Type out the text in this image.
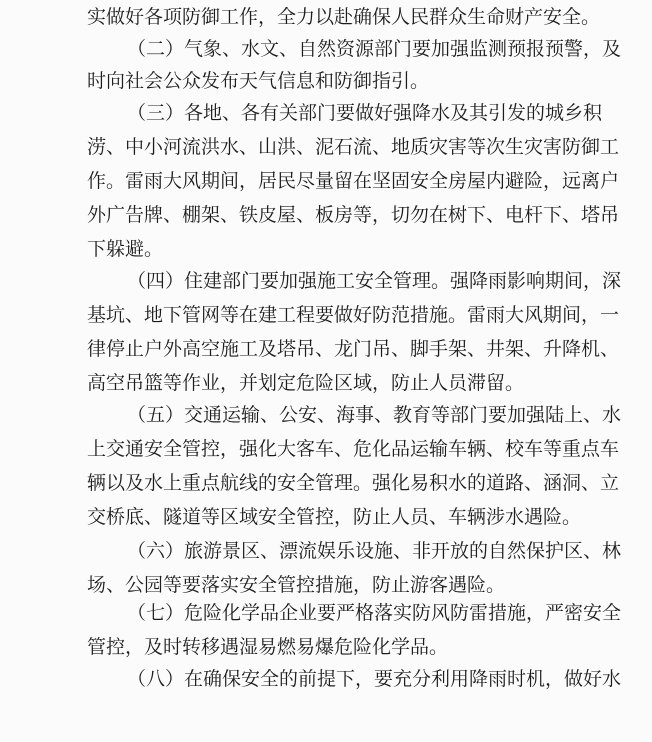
实做好各项防御工作，全力以赴确保人民群众生命财产安全。
（二）气象、水文、自然资源部门要加强监测预报预警，及
时向社会公众发布天气信息和防御指引。
（三）各地、各有关部门要做好强降水及其引发的城乡积
涝、中小河流洪水、山洪、泥石流、地质灾害等次生灾害防御工
作。雷雨大风期间，居民尽量留在坚固安全房屋内避险，远离户
外广告牌、棚架、铁皮屋、板房等，切勿在树下、电杆下、塔吊
下躲避。
（四）住建部门要加强施工安全管理。强降雨影响期间，深
基坑、地下管网等在建工程要做好防范措施。雷雨大风期间，一
律停止户外高空施工及塔吊、龙门吊、脚手架、井架、升降机、
高空吊篮等作业，并划定危险区域，防止人员滞留。
（五）交通运输、公安、海事、教育等部门要加强陆上、水
上交通安全管控，强化大客车、危化品运输车辆、校车等重点车
辆以及水上重点航线的安全管理。强化易积水的道路、涵洞、立
交桥底、隧道等区域安全管控，防止人员、车辆涉水遇险。
（六）旅游景区、漂流娱乐设施、非开放的自然保护区、林
场、公园等要落实安全管控措施，防止游客遇险。
（七）危险化学品企业要严格落实防风防雷措施，严密安全
管控，及时转移遇湿易燃易爆危险化学品。
（八）在确保安全的前提下，要充分利用降雨时机，做好水
